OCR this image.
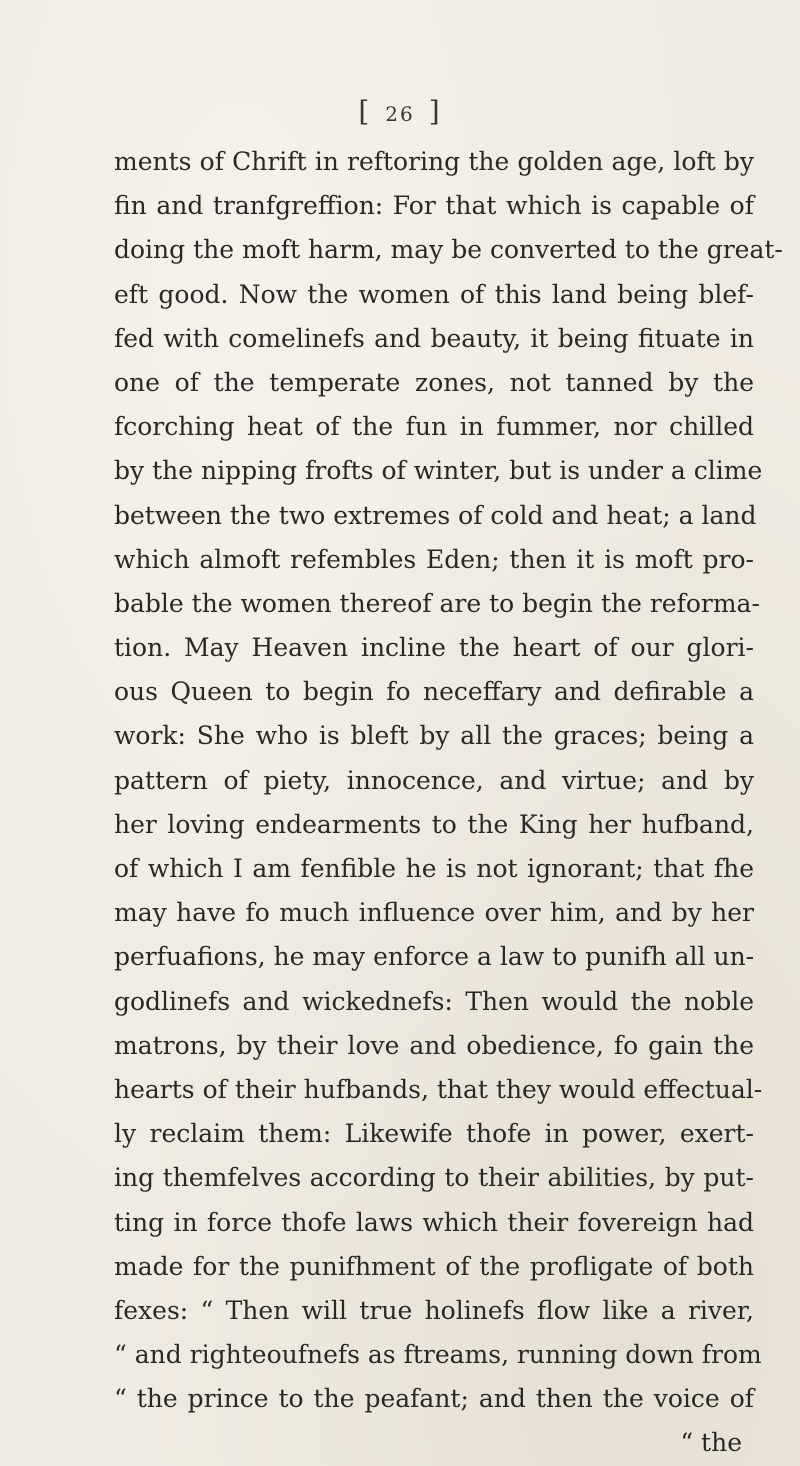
[ 26 ]
ments of Chrift in reftoring the golden age, loft by
fin and tranfgreffion: For that which is capable of
doing the moft harm, may be converted to the great-
eft good. Now the women of this land being blef-
fed with comelinefs and beauty, it being fituate in
one of the temperate zones, not tanned by the
fcorching heat of the fun in fummer, nor chilled
by the nipping frofts of winter, but is under a clime
between the two extremes of cold and heat; a land
which almoft refembles Eden; then it is moft pro-
bable the women thereof are to begin the reforma-
tion. May Heaven incline the heart of our glori-
ous Queen to begin fo neceffary and defirable a
work: She who is bleft by all the graces; being a
pattern of piety, innocence, and virtue; and by
her loving endearments to the King her hufband,
of which I am fenfible he is not ignorant; that fhe
may have fo much influence over him, and by her
perfuafions, he may enforce a law to punifh all un-
godlinefs and wickednefs: Then would the noble
matrons, by their love and obedience, fo gain the
hearts of their hufbands, that they would effectual-
ly reclaim them: Likewife thofe in power, exert-
ing themfelves according to their abilities, by put-
ting in force thofe laws which their fovereign had
made for the punifhment of the profligate of both
fexes: “ Then will true holinefs flow like a river,
“ and righteoufnefs as ftreams, running down from
“ the prince to the peafant; and then the voice of
“ the
